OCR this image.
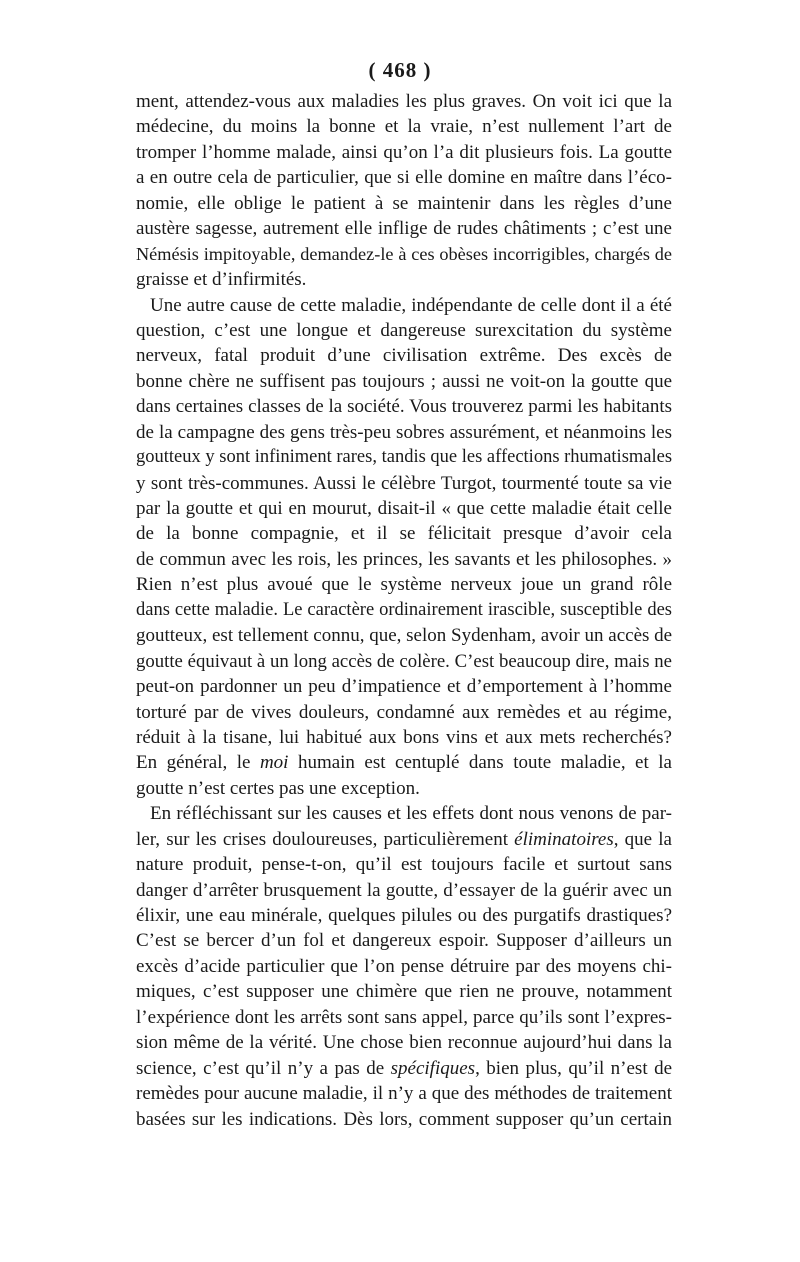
( 468 )
ment, attendez-vous aux maladies les plus graves. On voit ici que la
médecine, du moins la bonne et la vraie, n’est nullement l’art de
tromper l’homme malade, ainsi qu’on l’a dit plusieurs fois. La goutte
a en outre cela de particulier, que si elle domine en maître dans l’éco-
nomie, elle oblige le patient à se maintenir dans les règles d’une
austère sagesse, autrement elle inflige de rudes châtiments ; c’est une
Némésis impitoyable, demandez-le à ces obèses incorrigibles, chargés de
graisse et d’infirmités.
Une autre cause de cette maladie, indépendante de celle dont il a été
question, c’est une longue et dangereuse surexcitation du système
nerveux, fatal produit d’une civilisation extrême. Des excès de
bonne chère ne suffisent pas toujours ; aussi ne voit-on la goutte que
dans certaines classes de la société. Vous trouverez parmi les habitants
de la campagne des gens très-peu sobres assurément, et néanmoins les
goutteux y sont infiniment rares, tandis que les affections rhumatismales
y sont très-communes. Aussi le célèbre Turgot, tourmenté toute sa vie
par la goutte et qui en mourut, disait-il « que cette maladie était celle
de la bonne compagnie, et il se félicitait presque d’avoir cela
de commun avec les rois, les princes, les savants et les philosophes. »
Rien n’est plus avoué que le système nerveux joue un grand rôle
dans cette maladie. Le caractère ordinairement irascible, susceptible des
goutteux, est tellement connu, que, selon Sydenham, avoir un accès de
goutte équivaut à un long accès de colère. C’est beaucoup dire, mais ne
peut-on pardonner un peu d’impatience et d’emportement à l’homme
torturé par de vives douleurs, condamné aux remèdes et au régime,
réduit à la tisane, lui habitué aux bons vins et aux mets recherchés?
En général, le moi humain est centuplé dans toute maladie, et la
goutte n’est certes pas une exception.
En réfléchissant sur les causes et les effets dont nous venons de par-
ler, sur les crises douloureuses, particulièrement éliminatoires, que la
nature produit, pense-t-on, qu’il est toujours facile et surtout sans
danger d’arrêter brusquement la goutte, d’essayer de la guérir avec un
élixir, une eau minérale, quelques pilules ou des purgatifs drastiques?
C’est se bercer d’un fol et dangereux espoir. Supposer d’ailleurs un
excès d’acide particulier que l’on pense détruire par des moyens chi-
miques, c’est supposer une chimère que rien ne prouve, notamment
l’expérience dont les arrêts sont sans appel, parce qu’ils sont l’expres-
sion même de la vérité. Une chose bien reconnue aujourd’hui dans la
science, c’est qu’il n’y a pas de spécifiques, bien plus, qu’il n’est de
remèdes pour aucune maladie, il n’y a que des méthodes de traitement
basées sur les indications. Dès lors, comment supposer qu’un certain
